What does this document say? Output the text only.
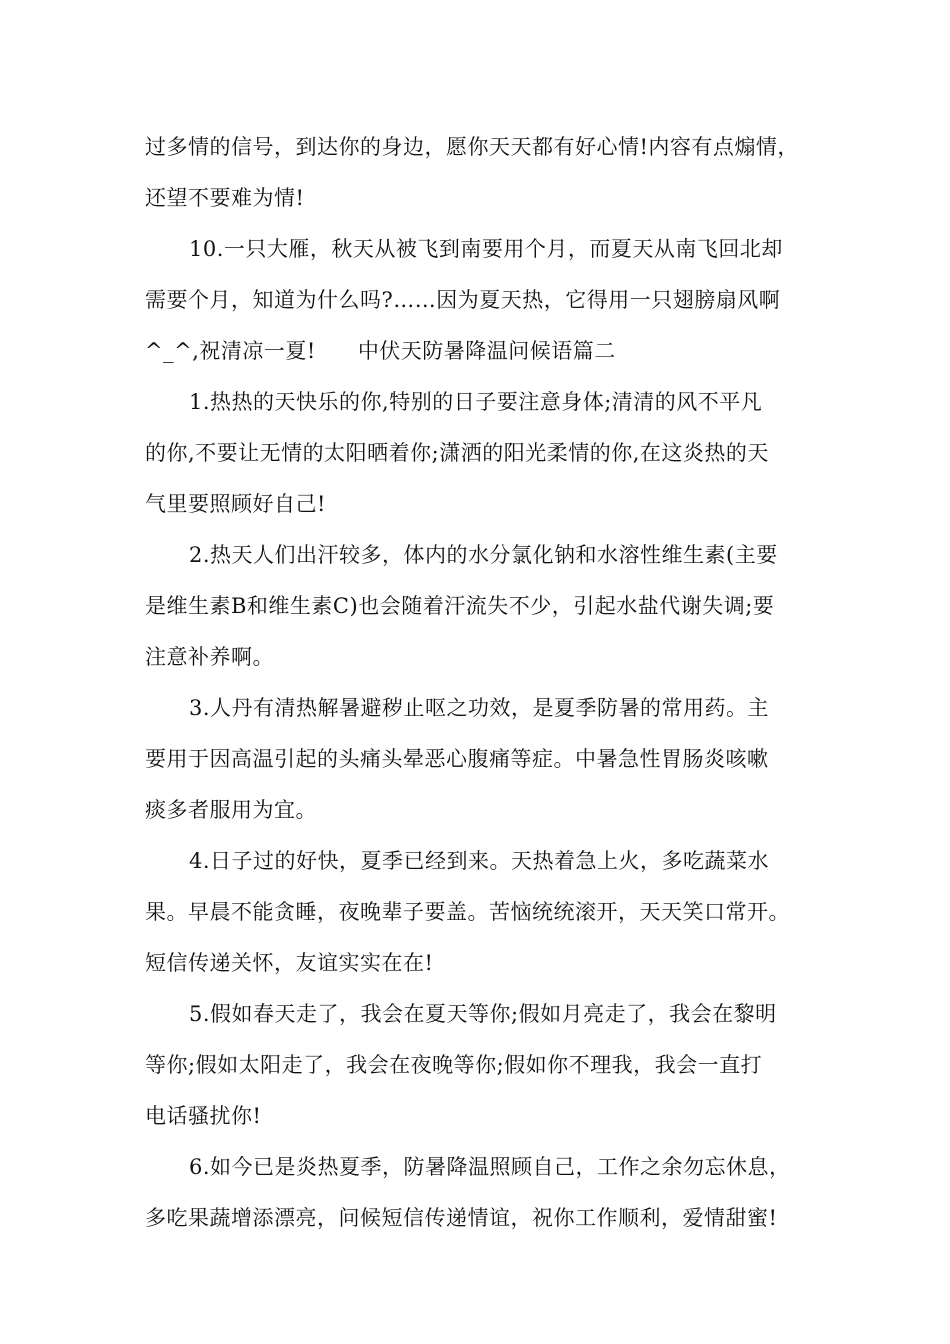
过多情的信号，到达你的身边，愿你天天都有好心情!内容有点煽情，
还望不要难为情!
10.一只大雁，秋天从被飞到南要用个月，而夏天从南飞回北却
需要个月，知道为什么吗?……因为夏天热，它得用一只翅膀扇风啊
^_^,祝清凉一夏! 中伏天防暑降温问候语篇二
1.热热的天快乐的你,特别的日子要注意身体;清清的风不平凡
的你,不要让无情的太阳晒着你;潇洒的阳光柔情的你,在这炎热的天
气里要照顾好自己!
2.热天人们出汗较多，体内的水分氯化钠和水溶性维生素(主要
是维生素B和维生素C)也会随着汗流失不少，引起水盐代谢失调;要
注意补养啊。
3.人丹有清热解暑避秽止呕之功效，是夏季防暑的常用药。主
要用于因高温引起的头痛头晕恶心腹痛等症。中暑急性胃肠炎咳嗽
痰多者服用为宜。
4.日子过的好快，夏季已经到来。天热着急上火，多吃蔬菜水
果。早晨不能贪睡，夜晚辈子要盖。苦恼统统滚开，天天笑口常开。
短信传递关怀，友谊实实在在!
5.假如春天走了，我会在夏天等你;假如月亮走了，我会在黎明
等你;假如太阳走了，我会在夜晚等你;假如你不理我，我会一直打
电话骚扰你!
6.如今已是炎热夏季，防暑降温照顾自己，工作之余勿忘休息，
多吃果蔬增添漂亮，问候短信传递情谊，祝你工作顺利，爱情甜蜜!
